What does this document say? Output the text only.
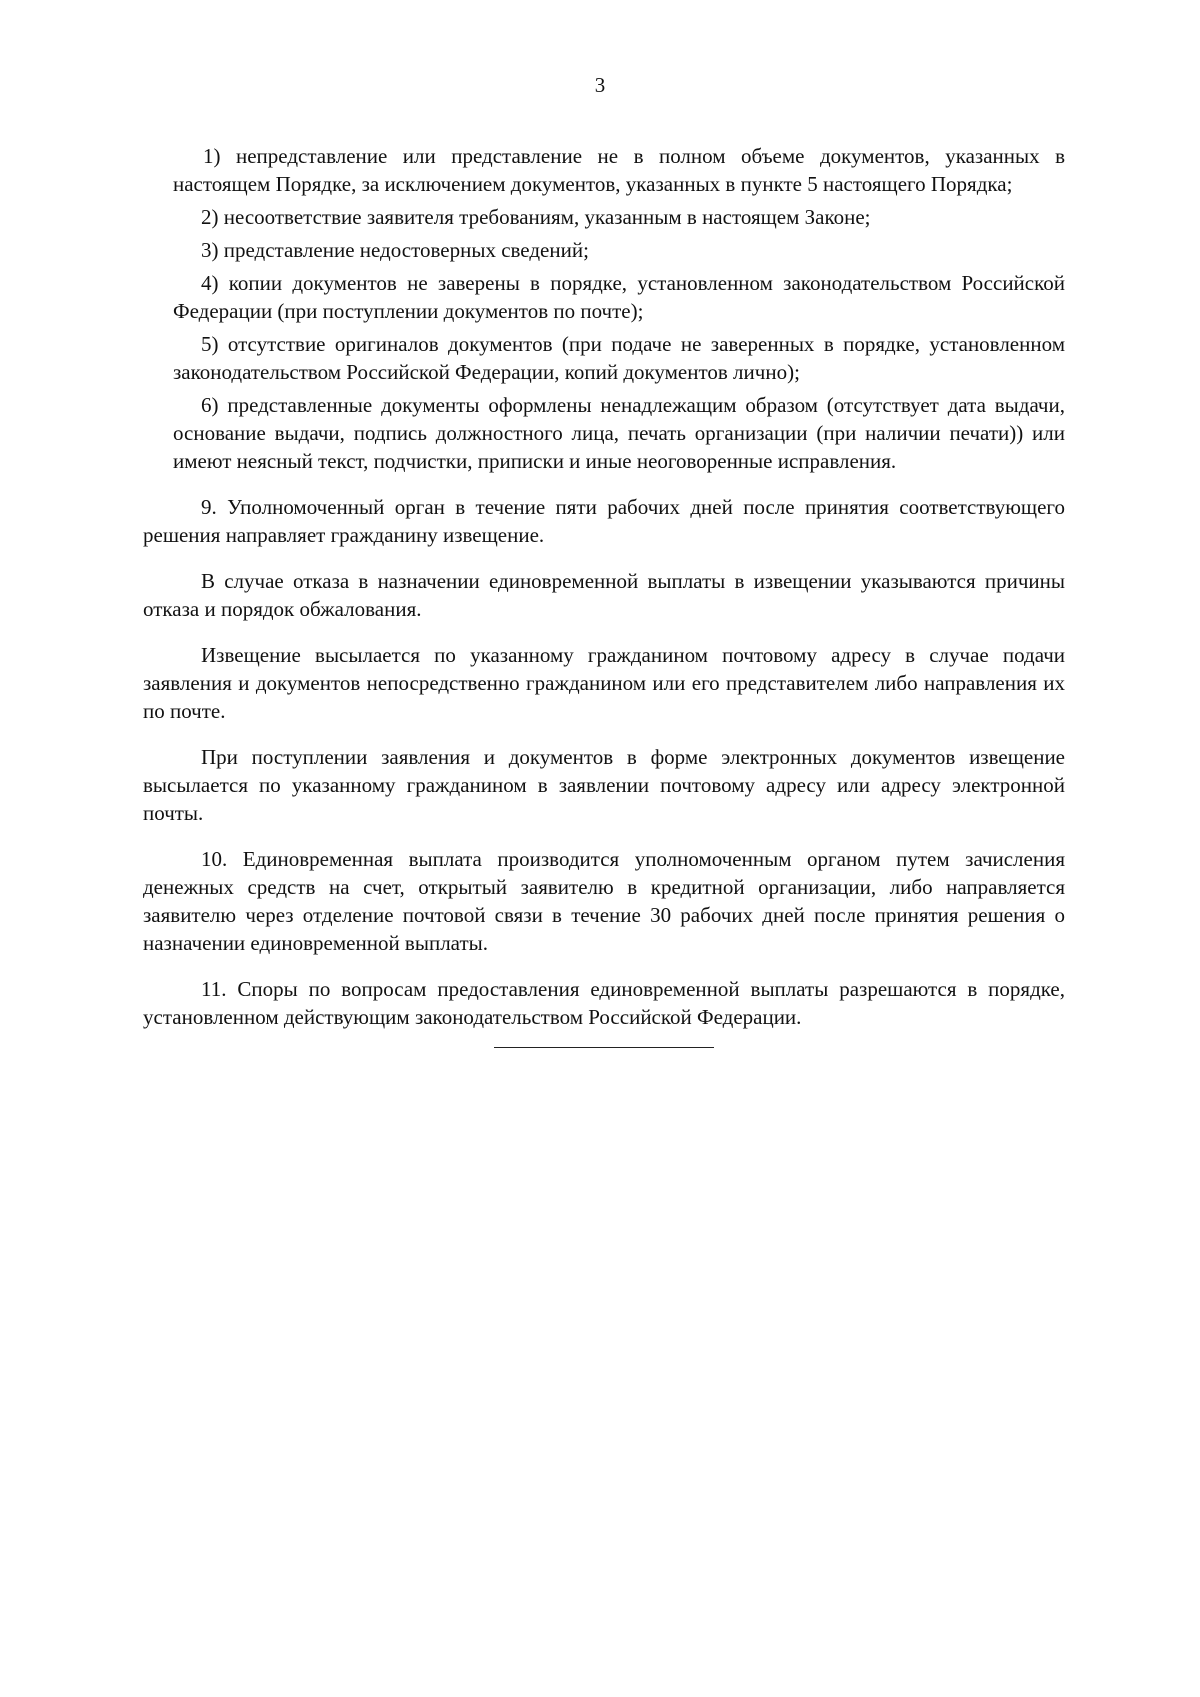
3

1) непредставление или представление не в полном объеме документов, указанных в настоящем Порядке, за исключением документов, указанных в пункте 5 настоящего Порядка;

2) несоответствие заявителя требованиям, указанным в настоящем Законе;

3) представление недостоверных сведений;

4) копии документов не заверены в порядке, установленном законодательством Российской Федерации (при поступлении документов по почте);

5) отсутствие оригиналов документов (при подаче не заверенных в порядке, установленном законодательством Российской Федерации, копий документов лично);

6) представленные документы оформлены ненадлежащим образом (отсутствует дата выдачи, основание выдачи, подпись должностного лица, печать организации (при наличии печати)) или имеют неясный текст, подчистки, приписки и иные неоговоренные исправления.

9. Уполномоченный орган в течение пяти рабочих дней после принятия соответствующего решения направляет гражданину извещение.

В случае отказа в назначении единовременной выплаты в извещении указываются причины отказа и порядок обжалования.

Извещение высылается по указанному гражданином почтовому адресу в случае подачи заявления и документов непосредственно гражданином или его представителем либо направления их по почте.

При поступлении заявления и документов в форме электронных документов извещение высылается по указанному гражданином в заявлении почтовому адресу или адресу электронной почты.

10. Единовременная выплата производится уполномоченным органом путем зачисления денежных средств на счет, открытый заявителю в кредитной организации, либо направляется заявителю через отделение почтовой связи в течение 30 рабочих дней после принятия решения о назначении единовременной выплаты.

11. Споры по вопросам предоставления единовременной выплаты разрешаются в порядке, установленном действующим законодательством Российской Федерации.
